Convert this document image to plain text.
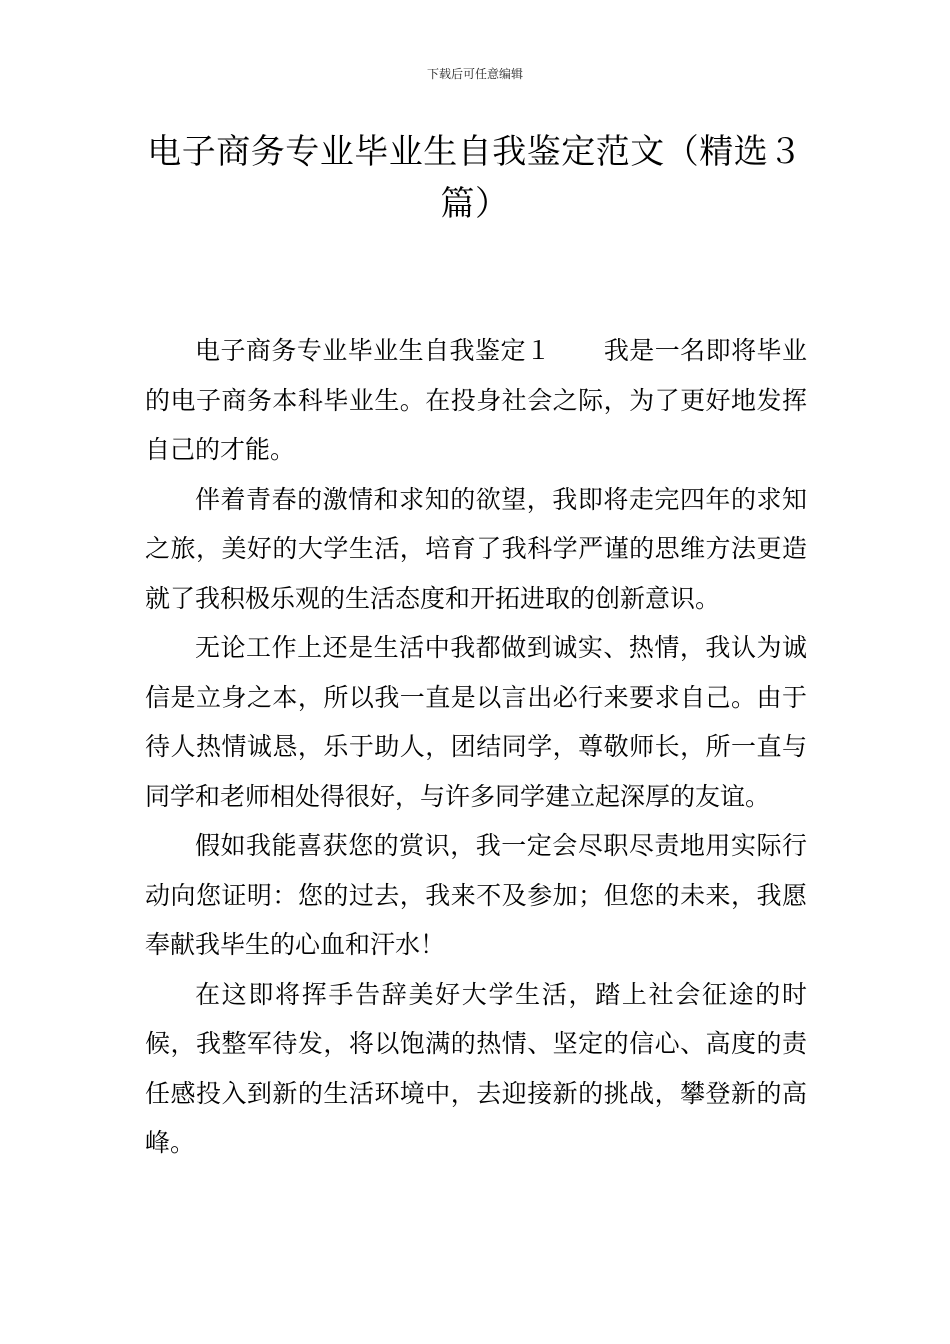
下载后可任意编辑
电子商务专业毕业生自我鉴定范文（精选３篇）

电子商务专业毕业生自我鉴定１ 我是一名即将毕业的电子商务本科毕业生。在投身社会之际，为了更好地发挥自己的才能。

伴着青春的激情和求知的欲望，我即将走完四年的求知之旅，美好的大学生活，培育了我科学严谨的思维方法更造就了我积极乐观的生活态度和开拓进取的创新意识。

无论工作上还是生活中我都做到诚实、热情，我认为诚信是立身之本，所以我一直是以言出必行来要求自己。由于待人热情诚恳，乐于助人，团结同学，尊敬师长，所一直与同学和老师相处得很好，与许多同学建立起深厚的友谊。

假如我能喜获您的赏识，我一定会尽职尽责地用实际行动向您证明：您的过去，我来不及参加；但您的未来，我愿奉献我毕生的心血和汗水！

在这即将挥手告辞美好大学生活，踏上社会征途的时候，我整军待发，将以饱满的热情、坚定的信心、高度的责任感投入到新的生活环境中，去迎接新的挑战，攀登新的高峰。
